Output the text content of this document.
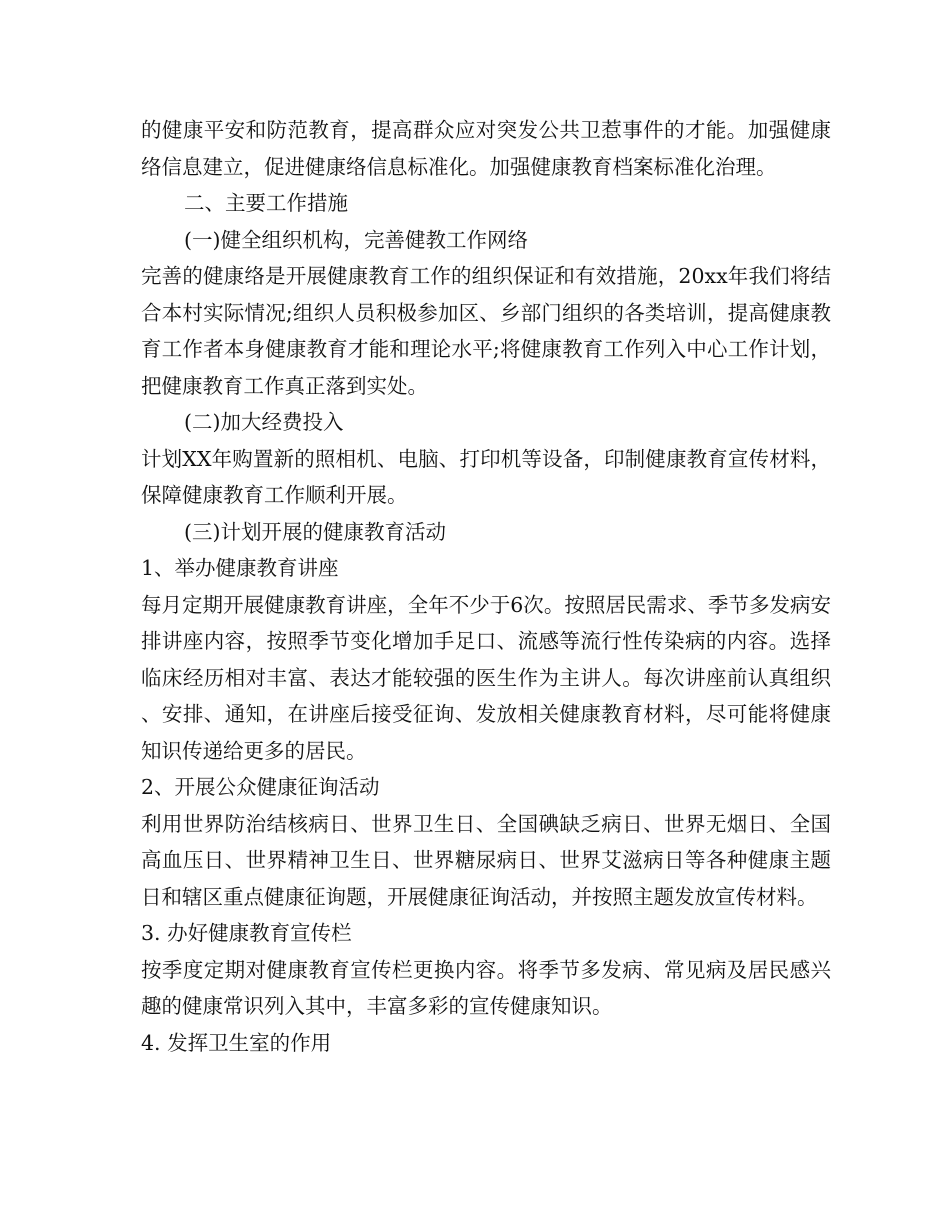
的健康平安和防范教育，提高群众应对突发公共卫惹事件的才能。加强健康络信息建立，促进健康络信息标准化。加强健康教育档案标准化治理。

二、主要工作措施

(一)健全组织机构，完善健教工作网络

完善的健康络是开展健康教育工作的组织保证和有效措施，20xx年我们将结合本村实际情况;组织人员积极参加区、乡部门组织的各类培训，提高健康教育工作者本身健康教育才能和理论水平;将健康教育工作列入中心工作计划，把健康教育工作真正落到实处。

(二)加大经费投入

计划XX年购置新的照相机、电脑、打印机等设备，印制健康教育宣传材料，保障健康教育工作顺利开展。

(三)计划开展的健康教育活动

1、举办健康教育讲座

每月定期开展健康教育讲座，全年不少于6次。按照居民需求、季节多发病安排讲座内容，按照季节变化增加手足口、流感等流行性传染病的内容。选择临床经历相对丰富、表达才能较强的医生作为主讲人。每次讲座前认真组织、安排、通知，在讲座后接受征询、发放相关健康教育材料，尽可能将健康知识传递给更多的居民。

2、开展公众健康征询活动

利用世界防治结核病日、世界卫生日、全国碘缺乏病日、世界无烟日、全国高血压日、世界精神卫生日、世界糖尿病日、世界艾滋病日等各种健康主题日和辖区重点健康征询题，开展健康征询活动，并按照主题发放宣传材料。

3. 办好健康教育宣传栏

按季度定期对健康教育宣传栏更换内容。将季节多发病、常见病及居民感兴趣的健康常识列入其中，丰富多彩的宣传健康知识。

4. 发挥卫生室的作用
